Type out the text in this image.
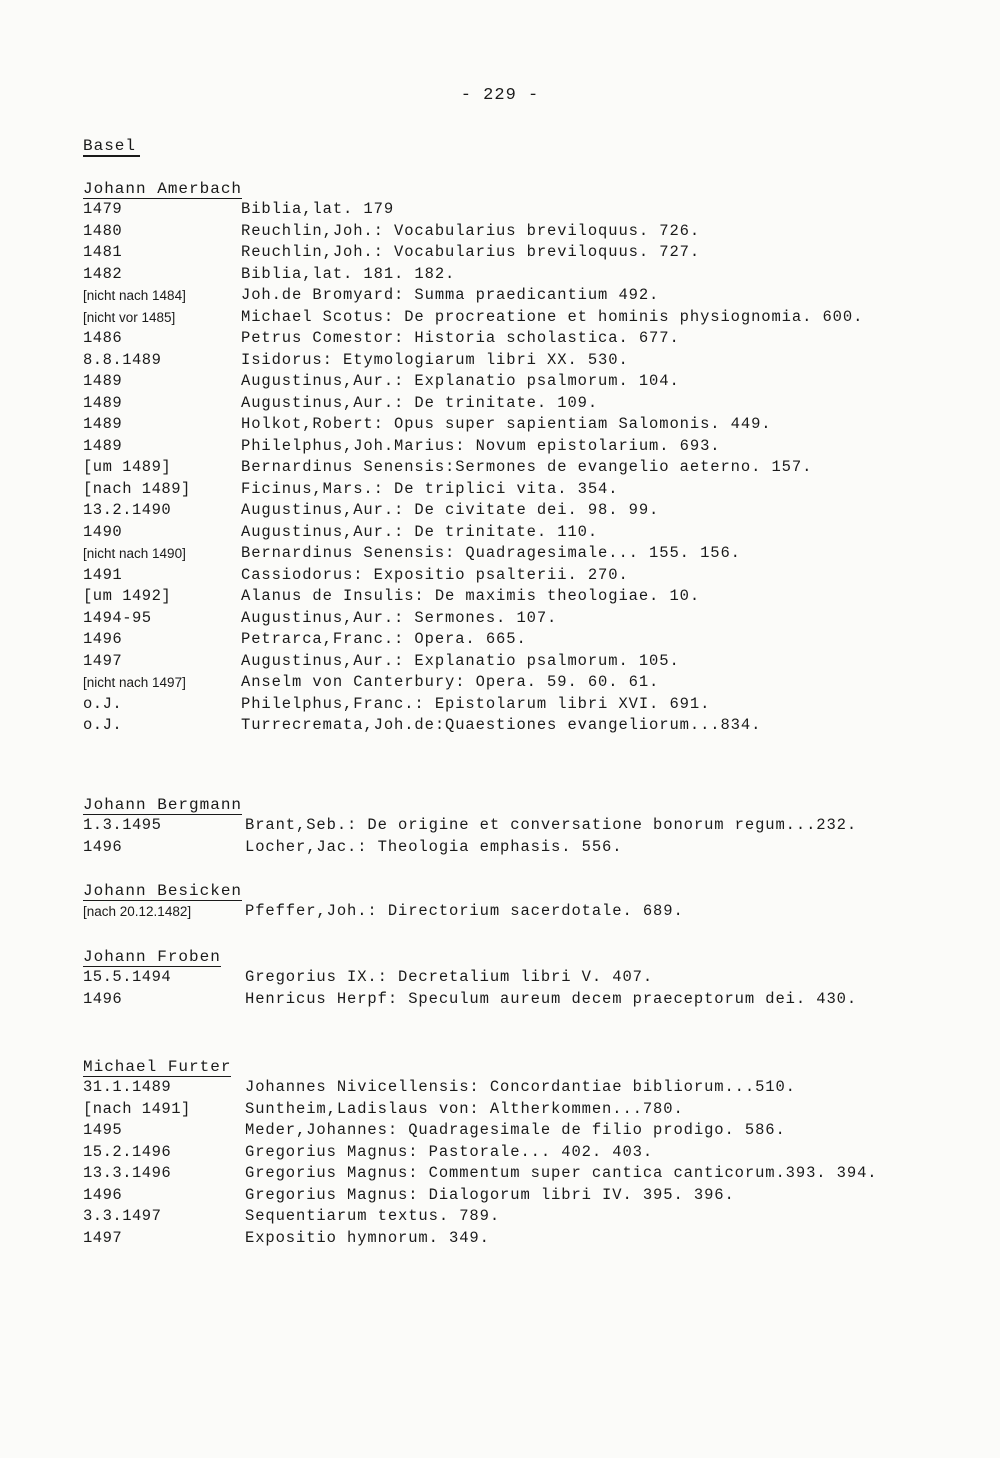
- 229 -
Basel
Johann Amerbach
1479	Biblia,lat. 179
1480	Reuchlin,Joh.: Vocabularius breviloquus. 726.
1481	Reuchlin,Joh.: Vocabularius breviloquus. 727.
1482	Biblia,lat. 181. 182.
[nicht nach 1484]	Joh.de Bromyard: Summa praedicantium 492.
[nicht vor 1485]	Michael Scotus: De procreatione et hominis physiognomia. 600.
1486	Petrus Comestor: Historia scholastica. 677.
8.8.1489	Isidorus: Etymologiarum libri XX. 530.
1489	Augustinus,Aur.: Explanatio psalmorum. 104.
1489	Augustinus,Aur.: De trinitate. 109.
1489	Holkot,Robert: Opus super sapientiam Salomonis. 449.
1489	Philelphus,Joh.Marius: Novum epistolarium. 693.
[um 1489]	Bernardinus Senensis:Sermones de evangelio aeterno. 157.
[nach 1489]	Ficinus,Mars.: De triplici vita. 354.
13.2.1490	Augustinus,Aur.: De civitate dei. 98. 99.
1490	Augustinus,Aur.: De trinitate. 110.
[nicht nach 1490]	Bernardinus Senensis: Quadragesimale... 155. 156.
1491	Cassiodorus: Expositio psalterii. 270.
[um 1492]	Alanus de Insulis: De maximis theologiae. 10.
1494-95	Augustinus,Aur.: Sermones. 107.
1496	Petrarca,Franc.: Opera. 665.
1497	Augustinus,Aur.: Explanatio psalmorum. 105.
[nicht nach 1497]	Anselm von Canterbury: Opera. 59. 60. 61.
o.J.	Philelphus,Franc.: Epistolarum libri XVI. 691.
o.J.	Turrecremata,Joh.de:Quaestiones evangeliorum...834.
Johann Bergmann
1.3.1495	Brant,Seb.: De origine et conversatione bonorum regum...232.
1496	Locher,Jac.: Theologia emphasis. 556.
Johann Besicken
[nach 20.12.1482]	Pfeffer,Joh.: Directorium sacerdotale. 689.
Johann Froben
15.5.1494	Gregorius IX.: Decretalium libri V. 407.
1496	Henricus Herpf: Speculum aureum decem praeceptorum dei. 430.
Michael Furter
31.1.1489	Johannes Nivicellensis: Concordantiae bibliorum...510.
[nach 1491]	Suntheim,Ladislaus von: Altherkommen...780.
1495	Meder,Johannes: Quadragesimale de filio prodigo. 586.
15.2.1496	Gregorius Magnus: Pastorale... 402. 403.
13.3.1496	Gregorius Magnus: Commentum super cantica canticorum.393. 394.
1496	Gregorius Magnus: Dialogorum libri IV. 395. 396.
3.3.1497	Sequentiarum textus. 789.
1497	Expositio hymnorum. 349.
